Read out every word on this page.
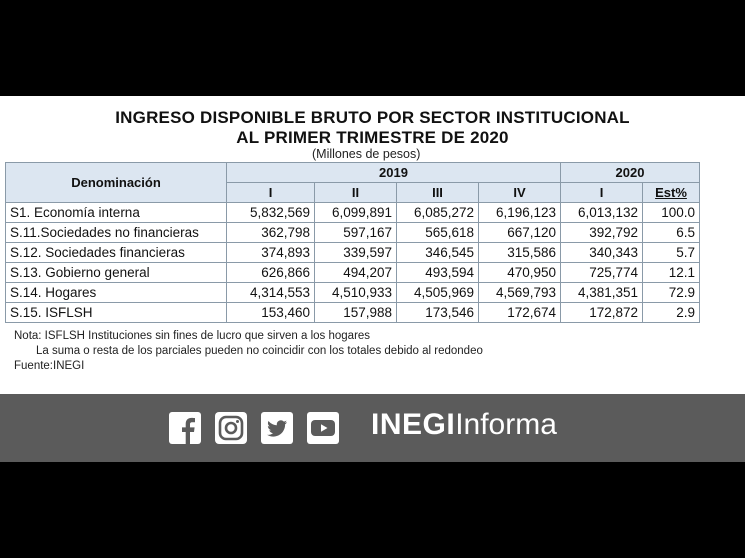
INGRESO DISPONIBLE BRUTO POR SECTOR INSTITUCIONAL
AL PRIMER TRIMESTRE DE 2020
(Millones de pesos)
Denominación	2019				2020	
	I	II	III	IV	I	Est%
S1. Economía interna	5,832,569	6,099,891	6,085,272	6,196,123	6,013,132	100.0
S.11.Sociedades no financieras	362,798	597,167	565,618	667,120	392,792	6.5
S.12. Sociedades financieras	374,893	339,597	346,545	315,586	340,343	5.7
S.13. Gobierno general	626,866	494,207	493,594	470,950	725,774	12.1
S.14. Hogares	4,314,553	4,510,933	4,505,969	4,569,793	4,381,351	72.9
S.15. ISFLSH	153,460	157,988	173,546	172,674	172,872	2.9
Nota: ISFLSH Instituciones sin fines de lucro que sirven a los hogares
La suma o resta de los parciales pueden no coincidir con los totales debido al redondeo
Fuente:INEGI
INEGIInforma
